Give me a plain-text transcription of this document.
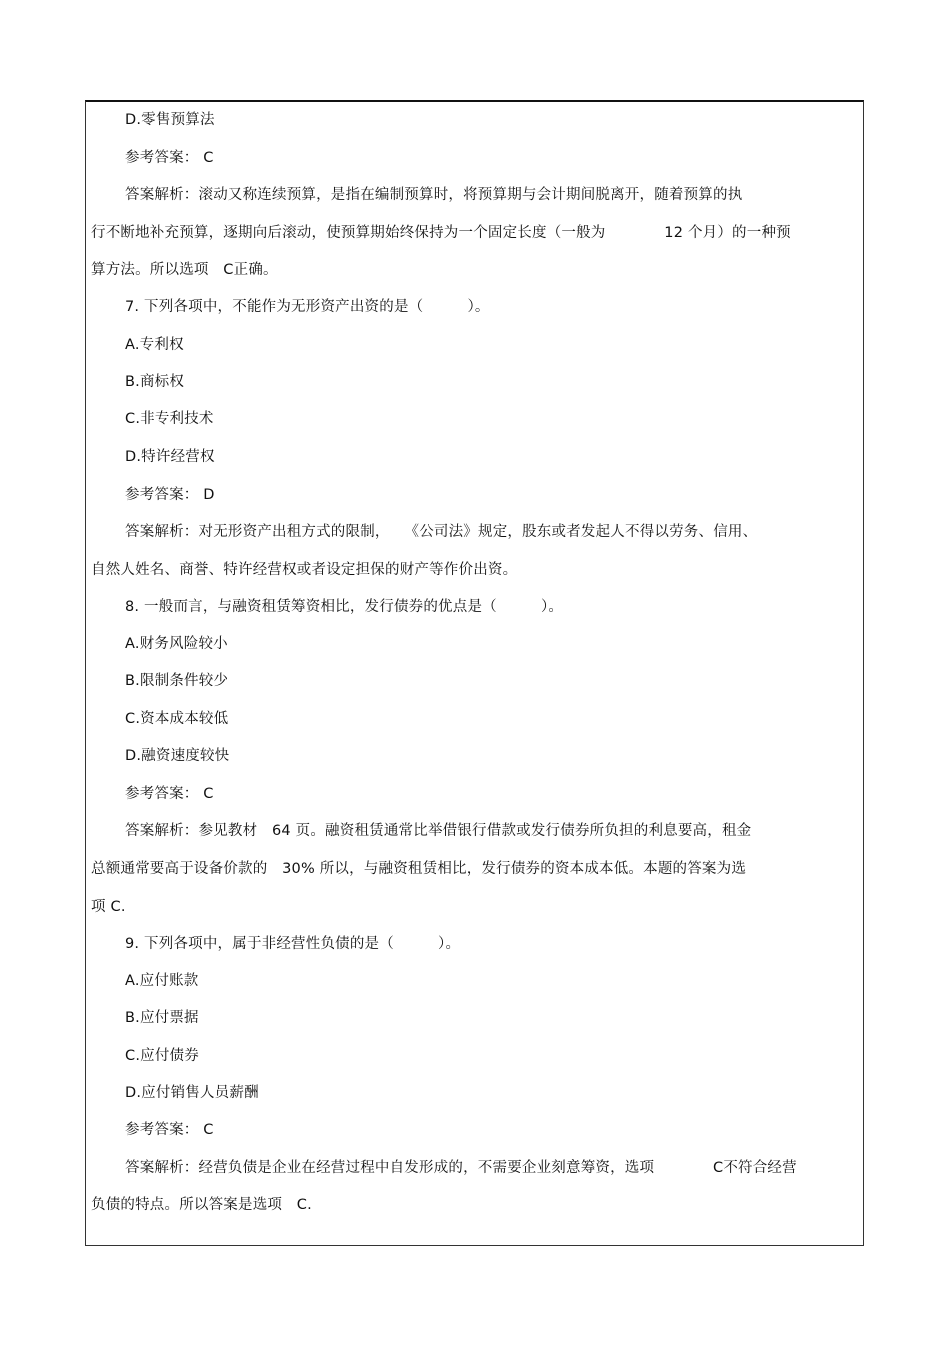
D.零售预算法
参考答案： C
答案解析：滚动又称连续预算，是指在编制预算时，将预算期与会计期间脱离开，随着预算的执
行不断地补充预算，逐期向后滚动，使预算期始终保持为一个固定长度（一般为　　　　12 个月）的一种预
算方法。所以选项　C正确。
7. 下列各项中，不能作为无形资产出资的是（　　　）。
A.专利权
B.商标权
C.非专利技术
D.特许经营权
参考答案： D
答案解析：对无形资产出租方式的限制，　　《公司法》规定，股东或者发起人不得以劳务、信用、
自然人姓名、商誉、特许经营权或者设定担保的财产等作价出资。
8. 一般而言，与融资租赁筹资相比，发行债券的优点是（　　　）。
A.财务风险较小
B.限制条件较少
C.资本成本较低
D.融资速度较快
参考答案： C
答案解析：参见教材　64 页。融资租赁通常比举借银行借款或发行债券所负担的利息要高，租金
总额通常要高于设备价款的　30% 所以，与融资租赁相比，发行债券的资本成本低。本题的答案为选
项 C.
9. 下列各项中，属于非经营性负债的是（　　　）。
A.应付账款
B.应付票据
C.应付债券
D.应付销售人员薪酬
参考答案： C
答案解析：经营负债是企业在经营过程中自发形成的，不需要企业刻意筹资，选项　　　　C不符合经营
负债的特点。所以答案是选项　C.
